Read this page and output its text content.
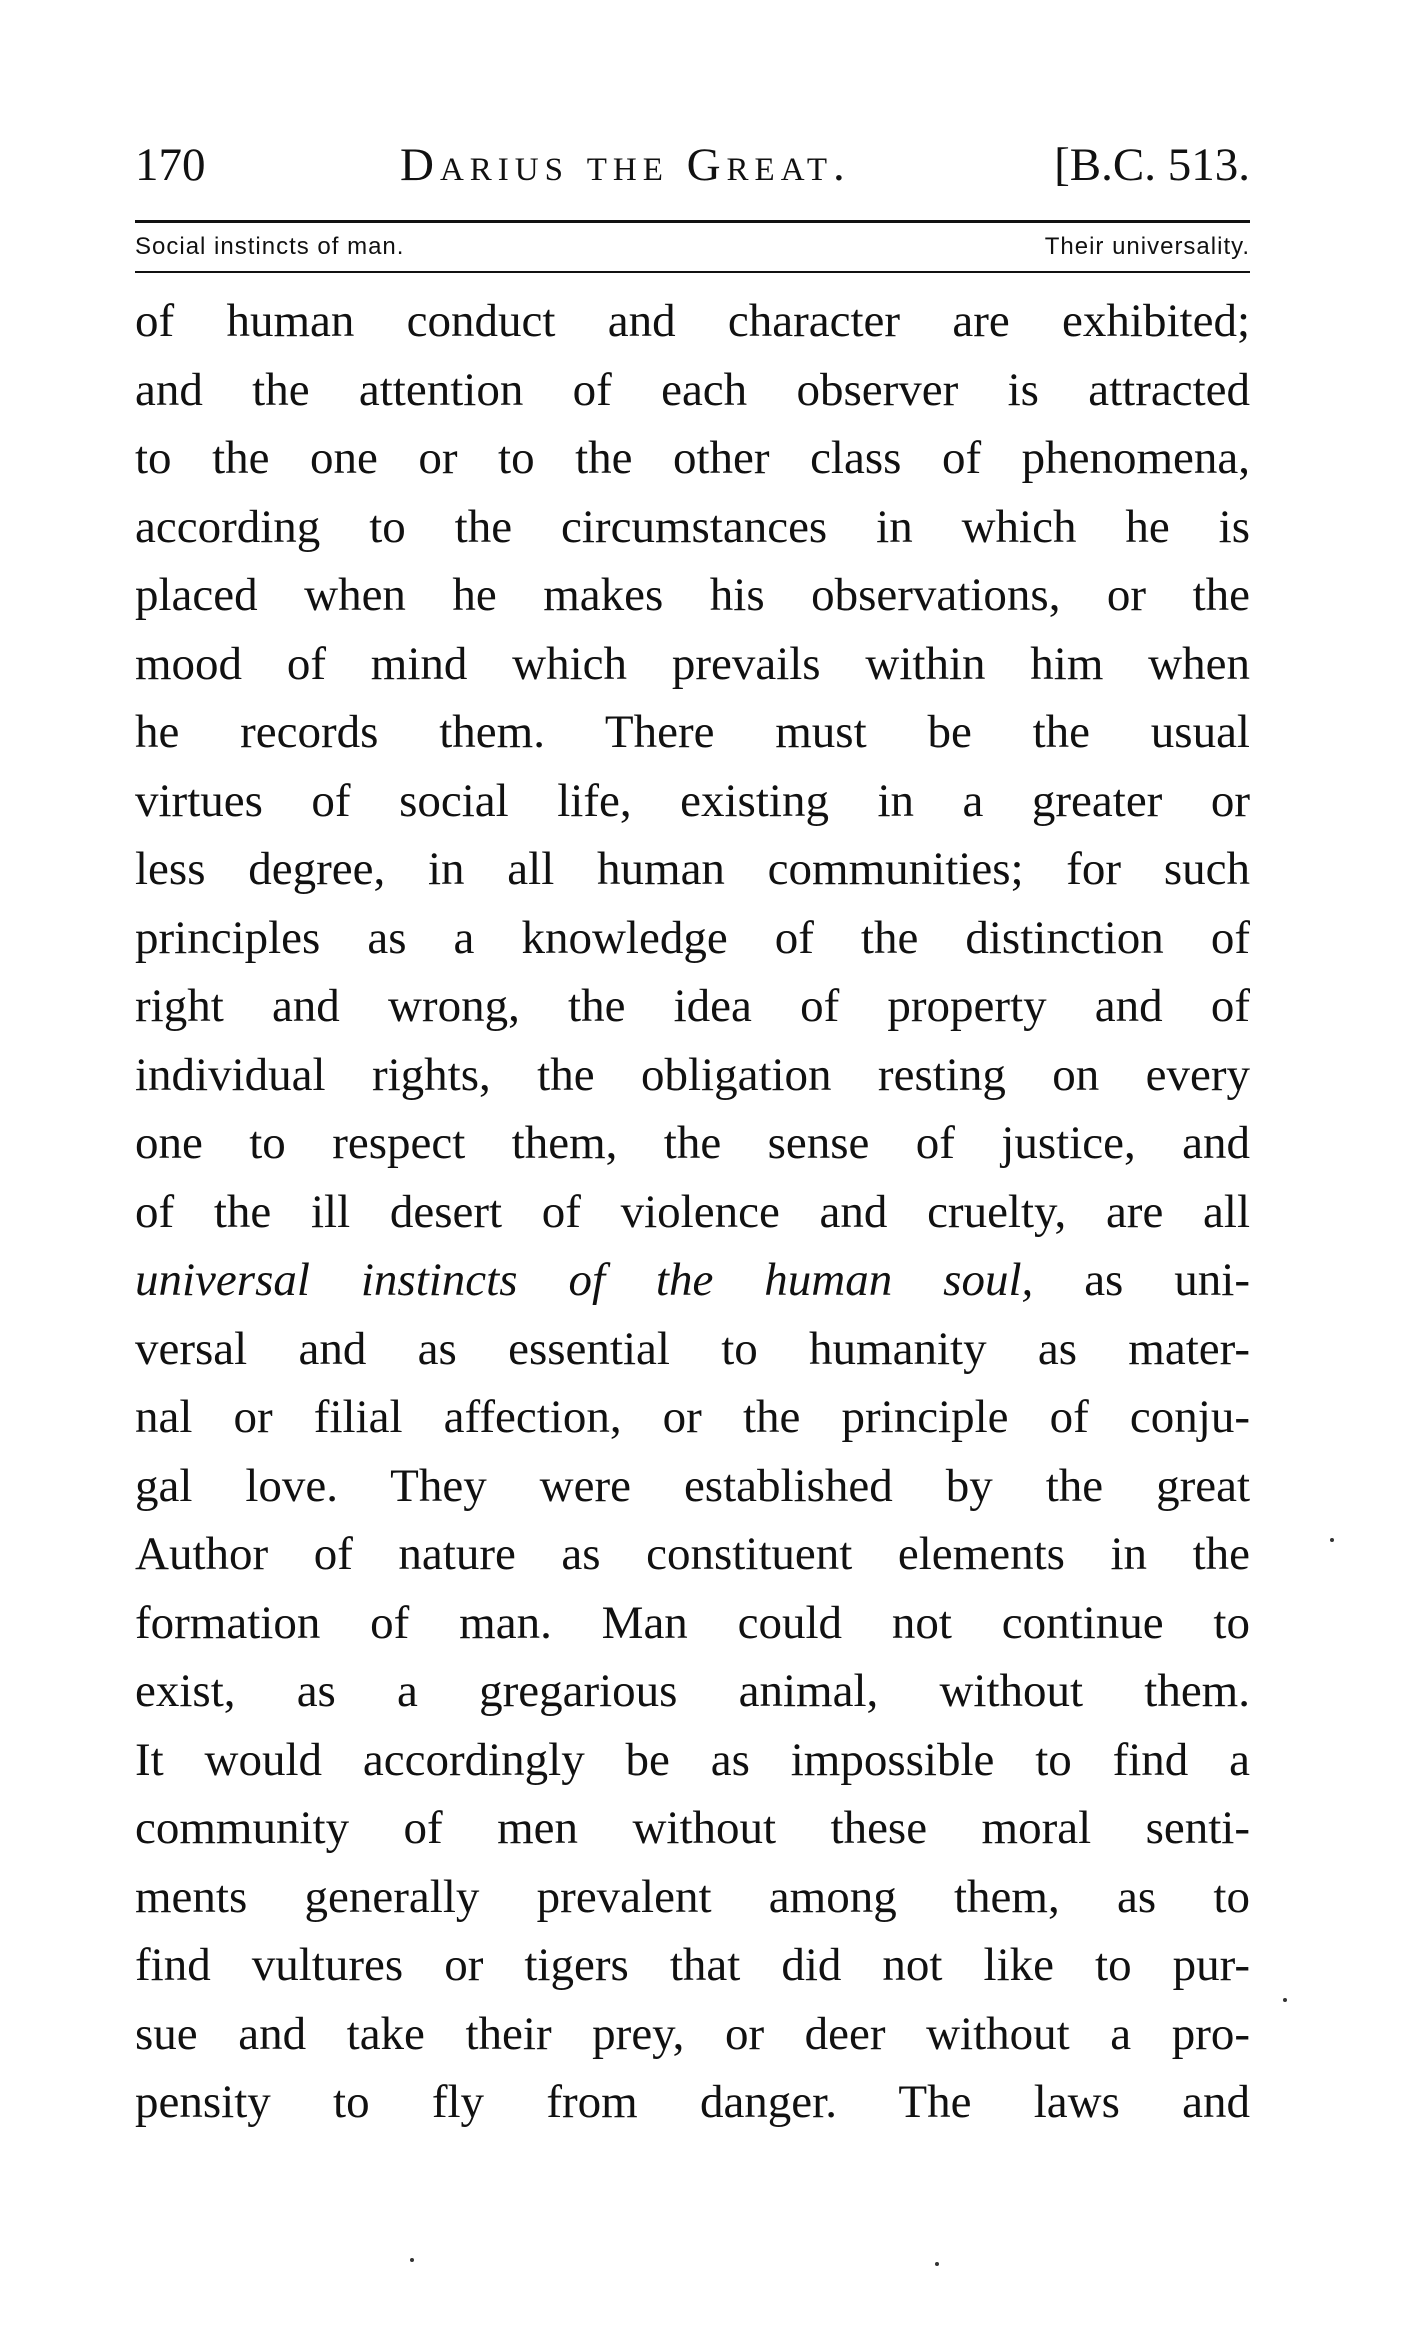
170	Darius the Great.	[B.C. 513.
Social instincts of man.	Their universality.
of human conduct and character are exhibited;
and the attention of each observer is attracted
to the one or to the other class of phenomena,
according to the circumstances in which he is
placed when he makes his observations, or the
mood of mind which prevails within him when
he records them. There must be the usual
virtues of social life, existing in a greater or
less degree, in all human communities; for such
principles as a knowledge of the distinction of
right and wrong, the idea of property and of
individual rights, the obligation resting on every
one to respect them, the sense of justice, and
of the ill desert of violence and cruelty, are all
universal instincts of the human soul, as uni-
versal and as essential to humanity as mater-
nal or filial affection, or the principle of conju-
gal love. They were established by the great
Author of nature as constituent elements in the
formation of man. Man could not continue to
exist, as a gregarious animal, without them.
It would accordingly be as impossible to find a
community of men without these moral senti-
ments generally prevalent among them, as to
find vultures or tigers that did not like to pur-
sue and take their prey, or deer without a pro-
pensity to fly from danger. The laws and
